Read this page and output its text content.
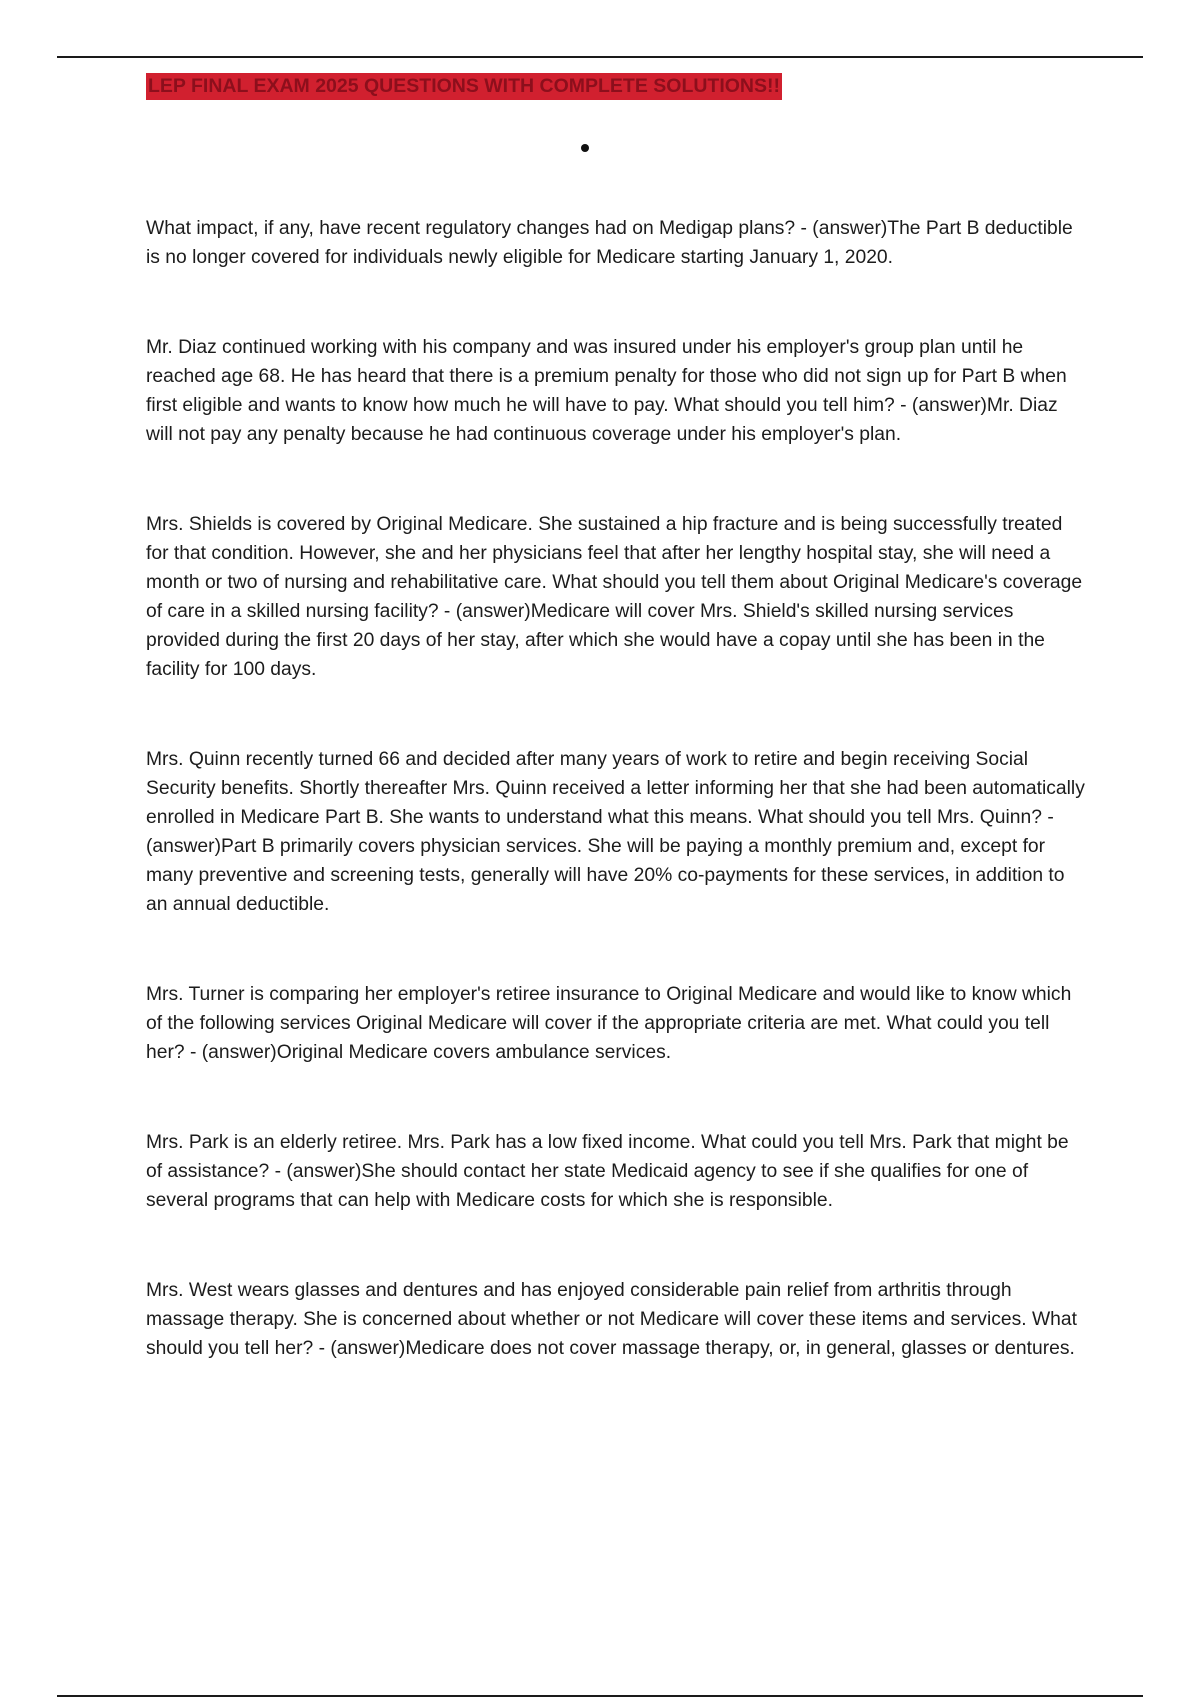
LEP FINAL EXAM 2025 QUESTIONS WITH COMPLETE SOLUTIONS!!

What impact, if any, have recent regulatory changes had on Medigap plans? - (answer)The Part B deductible is no longer covered for individuals newly eligible for Medicare starting January 1, 2020.

Mr. Diaz continued working with his company and was insured under his employer's group plan until he reached age 68. He has heard that there is a premium penalty for those who did not sign up for Part B when first eligible and wants to know how much he will have to pay. What should you tell him? - (answer)Mr. Diaz will not pay any penalty because he had continuous coverage under his employer's plan.

Mrs. Shields is covered by Original Medicare. She sustained a hip fracture and is being successfully treated for that condition. However, she and her physicians feel that after her lengthy hospital stay, she will need a month or two of nursing and rehabilitative care. What should you tell them about Original Medicare's coverage of care in a skilled nursing facility? - (answer)Medicare will cover Mrs. Shield's skilled nursing services provided during the first 20 days of her stay, after which she would have a copay until she has been in the facility for 100 days.

Mrs. Quinn recently turned 66 and decided after many years of work to retire and begin receiving Social Security benefits. Shortly thereafter Mrs. Quinn received a letter informing her that she had been automatically enrolled in Medicare Part B. She wants to understand what this means. What should you tell Mrs. Quinn? - (answer)Part B primarily covers physician services. She will be paying a monthly premium and, except for many preventive and screening tests, generally will have 20% co-payments for these services, in addition to an annual deductible.

Mrs. Turner is comparing her employer's retiree insurance to Original Medicare and would like to know which of the following services Original Medicare will cover if the appropriate criteria are met. What could you tell her? - (answer)Original Medicare covers ambulance services.

Mrs. Park is an elderly retiree. Mrs. Park has a low fixed income. What could you tell Mrs. Park that might be of assistance? - (answer)She should contact her state Medicaid agency to see if she qualifies for one of several programs that can help with Medicare costs for which she is responsible.

Mrs. West wears glasses and dentures and has enjoyed considerable pain relief from arthritis through massage therapy. She is concerned about whether or not Medicare will cover these items and services. What should you tell her? - (answer)Medicare does not cover massage therapy, or, in general, glasses or dentures.
